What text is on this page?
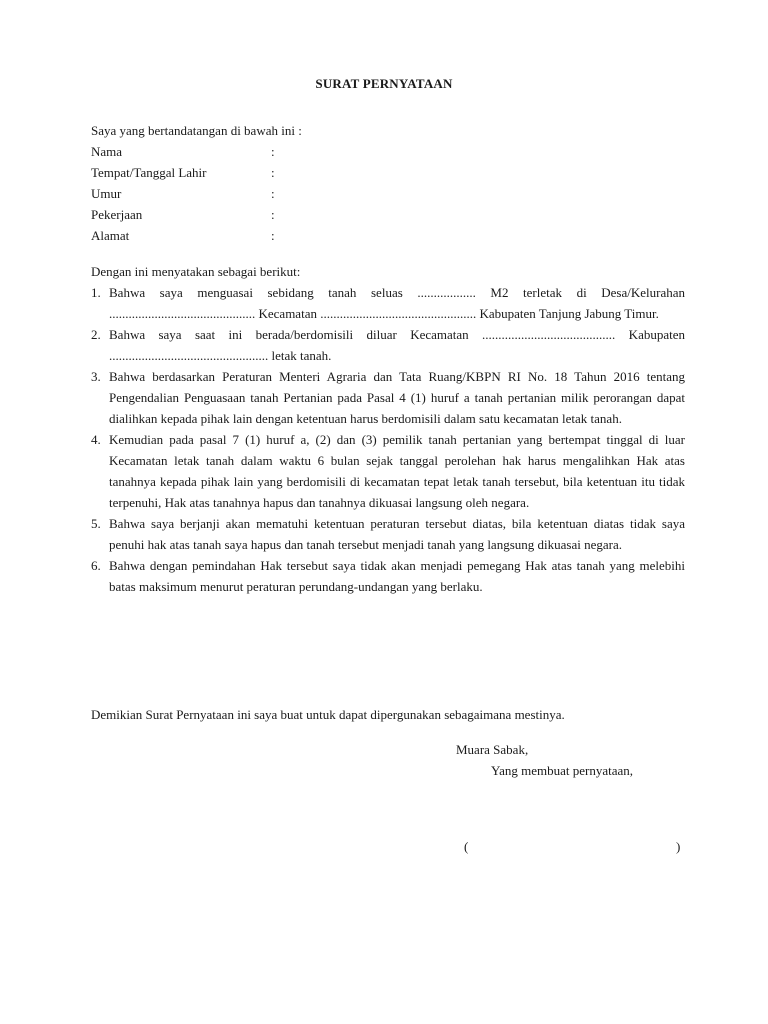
SURAT PERNYATAAN
Saya yang bertandatangan di bawah ini :
Nama	:
Tempat/Tanggal Lahir	:
Umur	:
Pekerjaan	:
Alamat	:
Dengan ini menyatakan sebagai berikut:
1. Bahwa saya menguasai sebidang tanah seluas .................. M2 terletak di Desa/Kelurahan ............................................. Kecamatan ................................................ Kabupaten Tanjung Jabung Timur.
2. Bahwa saya saat ini berada/berdomisili diluar Kecamatan ......................................... Kabupaten ................................................. letak tanah.
3. Bahwa berdasarkan Peraturan Menteri Agraria dan Tata Ruang/KBPN RI No. 18 Tahun 2016 tentang Pengendalian Penguasaan tanah Pertanian pada Pasal 4 (1) huruf a tanah pertanian milik perorangan dapat dialihkan kepada pihak lain dengan ketentuan harus berdomisili dalam satu kecamatan letak tanah.
4. Kemudian pada pasal 7 (1) huruf a, (2) dan (3) pemilik tanah pertanian yang bertempat tinggal di luar Kecamatan letak tanah dalam waktu 6 bulan sejak tanggal perolehan hak harus mengalihkan Hak atas tanahnya kepada pihak lain yang berdomisili di kecamatan tepat letak tanah tersebut, bila ketentuan itu tidak terpenuhi, Hak atas tanahnya hapus dan tanahnya dikuasai langsung oleh negara.
5. Bahwa saya berjanji akan mematuhi ketentuan peraturan tersebut diatas, bila ketentuan diatas tidak saya penuhi hak atas tanah saya hapus dan tanah tersebut menjadi tanah yang langsung dikuasai negara.
6. Bahwa dengan pemindahan Hak tersebut saya tidak akan menjadi pemegang Hak atas tanah yang melebihi batas maksimum menurut peraturan perundang-undangan yang berlaku.
Demikian Surat Pernyataan ini saya buat untuk dapat dipergunakan sebagaimana mestinya.
Muara Sabak,
Yang membuat pernyataan,
(	)
